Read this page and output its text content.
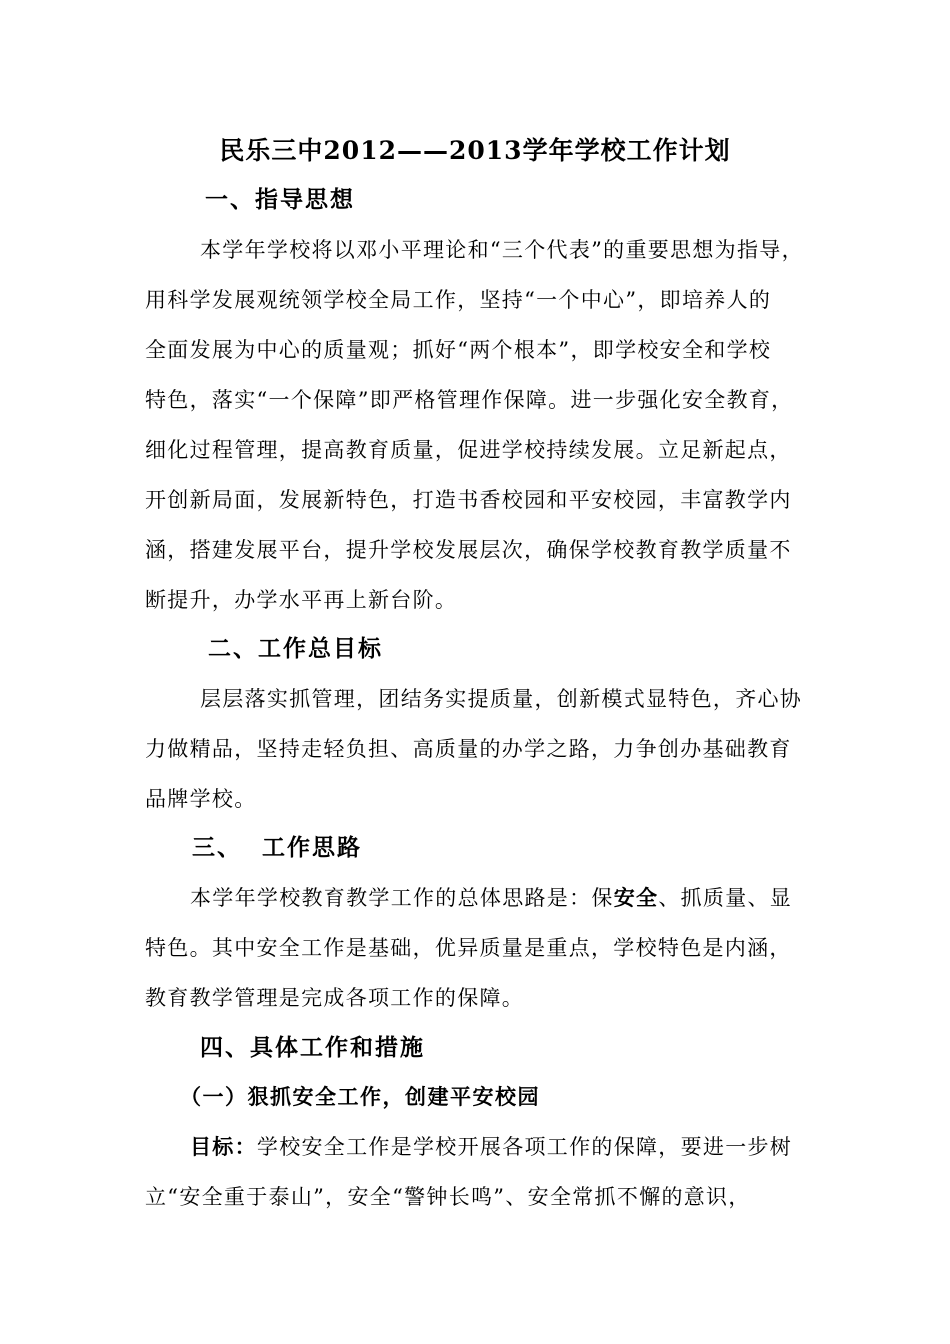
民乐三中2012——2013学年学校工作计划
一、指导思想
本学年学校将以邓小平理论和“三个代表”的重要思想为指导，
用科学发展观统领学校全局工作，坚持“一个中心”，即培养人的
全面发展为中心的质量观；抓好“两个根本”，即学校安全和学校
特色，落实“一个保障”即严格管理作保障。进一步强化安全教育，
细化过程管理，提高教育质量，促进学校持续发展。立足新起点，
开创新局面，发展新特色，打造书香校园和平安校园，丰富教学内
涵，搭建发展平台，提升学校发展层次，确保学校教育教学质量不
断提升，办学水平再上新台阶。
二、工作总目标
层层落实抓管理，团结务实提质量，创新模式显特色，齐心协
力做精品，坚持走轻负担、高质量的办学之路，力争创办基础教育
品牌学校。
三、  工作思路
本学年学校教育教学工作的总体思路是：保安全、抓质量、显
特色。其中安全工作是基础，优异质量是重点，学校特色是内涵，
教育教学管理是完成各项工作的保障。
四、具体工作和措施
（一）狠抓安全工作，创建平安校园
目标：学校安全工作是学校开展各项工作的保障，要进一步树
立“安全重于泰山”，安全“警钟长鸣”、安全常抓不懈的意识，
